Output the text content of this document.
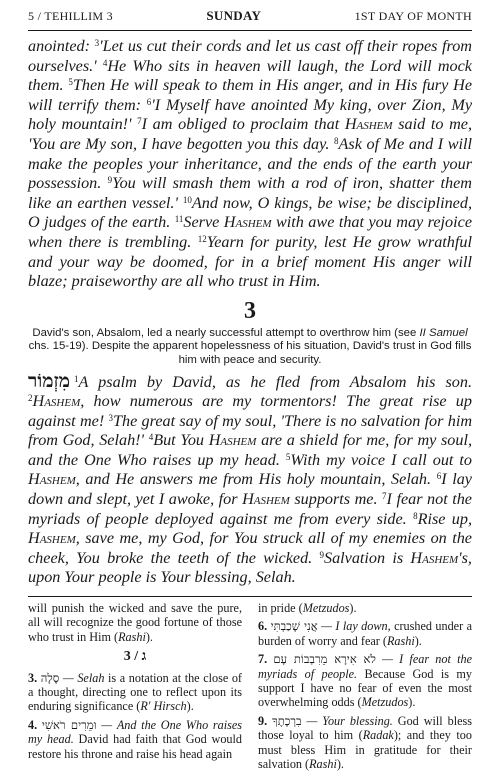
5 / TEHILLIM 3	SUNDAY	1ST DAY OF MONTH

anointed: $^3$'Let us cut their cords and let us cast off their ropes from ourselves.' $^4$He Who sits in heaven will laugh, the Lord will mock them. $^5$Then He will speak to them in His anger, and in His fury He will terrify them: $^6$'I Myself have anointed My king, over Zion, My holy mountain!' $^7$I am obliged to proclaim that Hashem said to me, 'You are My son, I have begotten you this day. $^8$Ask of Me and I will make the peoples your inheritance, and the ends of the earth your possession. $^9$You will smash them with a rod of iron, shatter them like an earthen vessel.' $^{10}$And now, O kings, be wise; be disciplined, O judges of the earth. $^{11}$Serve Hashem with awe that you may rejoice when there is trembling. $^{12}$Yearn for purity, lest He grow wrathful and your way be doomed, for in a brief moment His anger will blaze; praiseworthy are all who trust in Him.

3

David's son, Absalom, led a nearly successful attempt to overthrow him (see II Samuel chs. 15-19). Despite the apparent hopelessness of his situation, David's trust in God fills him with peace and security.

מִזְמוֹר $^1$A psalm by David, as he fled from Absalom his son. $^2$Hashem, how numerous are my tormentors! The great rise up against me! $^3$The great say of my soul, 'There is no salvation for him from God, Selah!' $^4$But You Hashem are a shield for me, for my soul, and the One Who raises up my head. $^5$With my voice I call out to Hashem, and He answers me from His holy mountain, Selah. $^6$I lay down and slept, yet I awoke, for Hashem supports me. $^7$I fear not the myriads of people deployed against me from every side. $^8$Rise up, Hashem, save me, my God, for You struck all of my enemies on the cheek, You broke the teeth of the wicked. $^9$Salvation is Hashem's, upon Your people is Your blessing, Selah.

will punish the wicked and save the pure, all will recognize the good fortune of those who trust in Him (Rashi).

3 / ג

3. סֶלָה — Selah is a notation at the close of a thought, directing one to reflect upon its enduring significance (R' Hirsch).

4. וּמֵרִים רֹאשִׁי — And the One Who raises my head. David had faith that God would restore his throne and raise his head again

in pride (Metzudos).

6. אֲנִי שָׁכַבְתִּי — I lay down, crushed under a burden of worry and fear (Rashi).

7. לֹא אִירָא מֵרִבְבוֹת עָם — I fear not the myriads of people. Because God is my support I have no fear of even the most overwhelming odds (Metzudos).

9. בִרְכָתֶךָ — Your blessing. God will bless those loyal to him (Radak); and they too must bless Him in gratitude for their salvation (Rashi).
